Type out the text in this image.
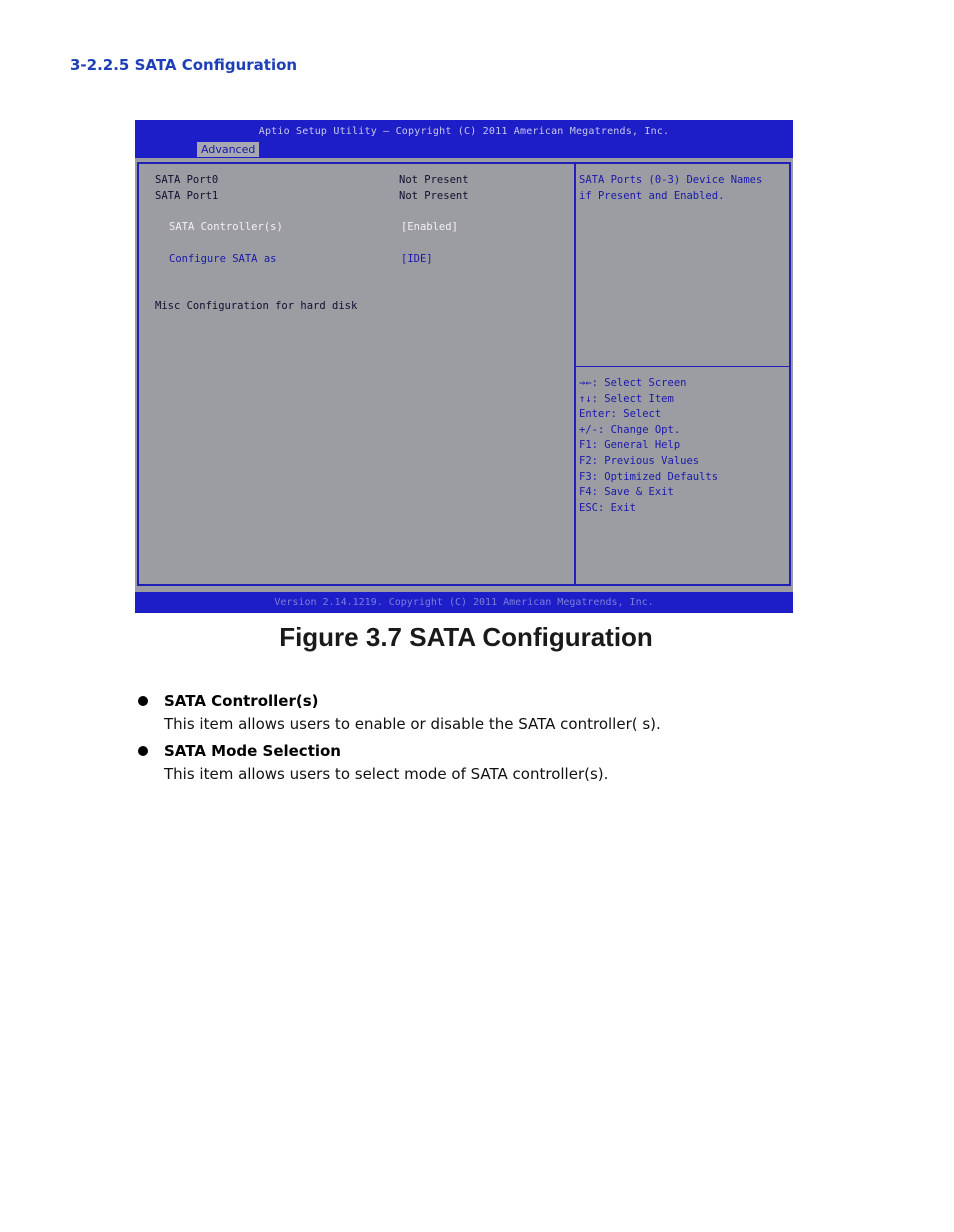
3-2.2.5 SATA Configuration
Aptio Setup Utility – Copyright (C) 2011 American Megatrends, Inc.
Advanced
SATA Port0	Not Present
SATA Port1	Not Present
SATA Controller(s)	[Enabled]
Configure SATA as	[IDE]
Misc Configuration for hard disk
SATA Ports (0-3) Device Names
if Present and Enabled.
→←: Select Screen
↑↓: Select Item
Enter: Select
+/-: Change Opt.
F1: General Help
F2: Previous Values
F3: Optimized Defaults
F4: Save & Exit
ESC: Exit
Version 2.14.1219. Copyright (C) 2011 American Megatrends, Inc.

Figure 3.7 SATA Configuration

SATA Controller(s)
This item allows users to enable or disable the SATA controller( s).
SATA Mode Selection
This item allows users to select mode of SATA controller(s).
